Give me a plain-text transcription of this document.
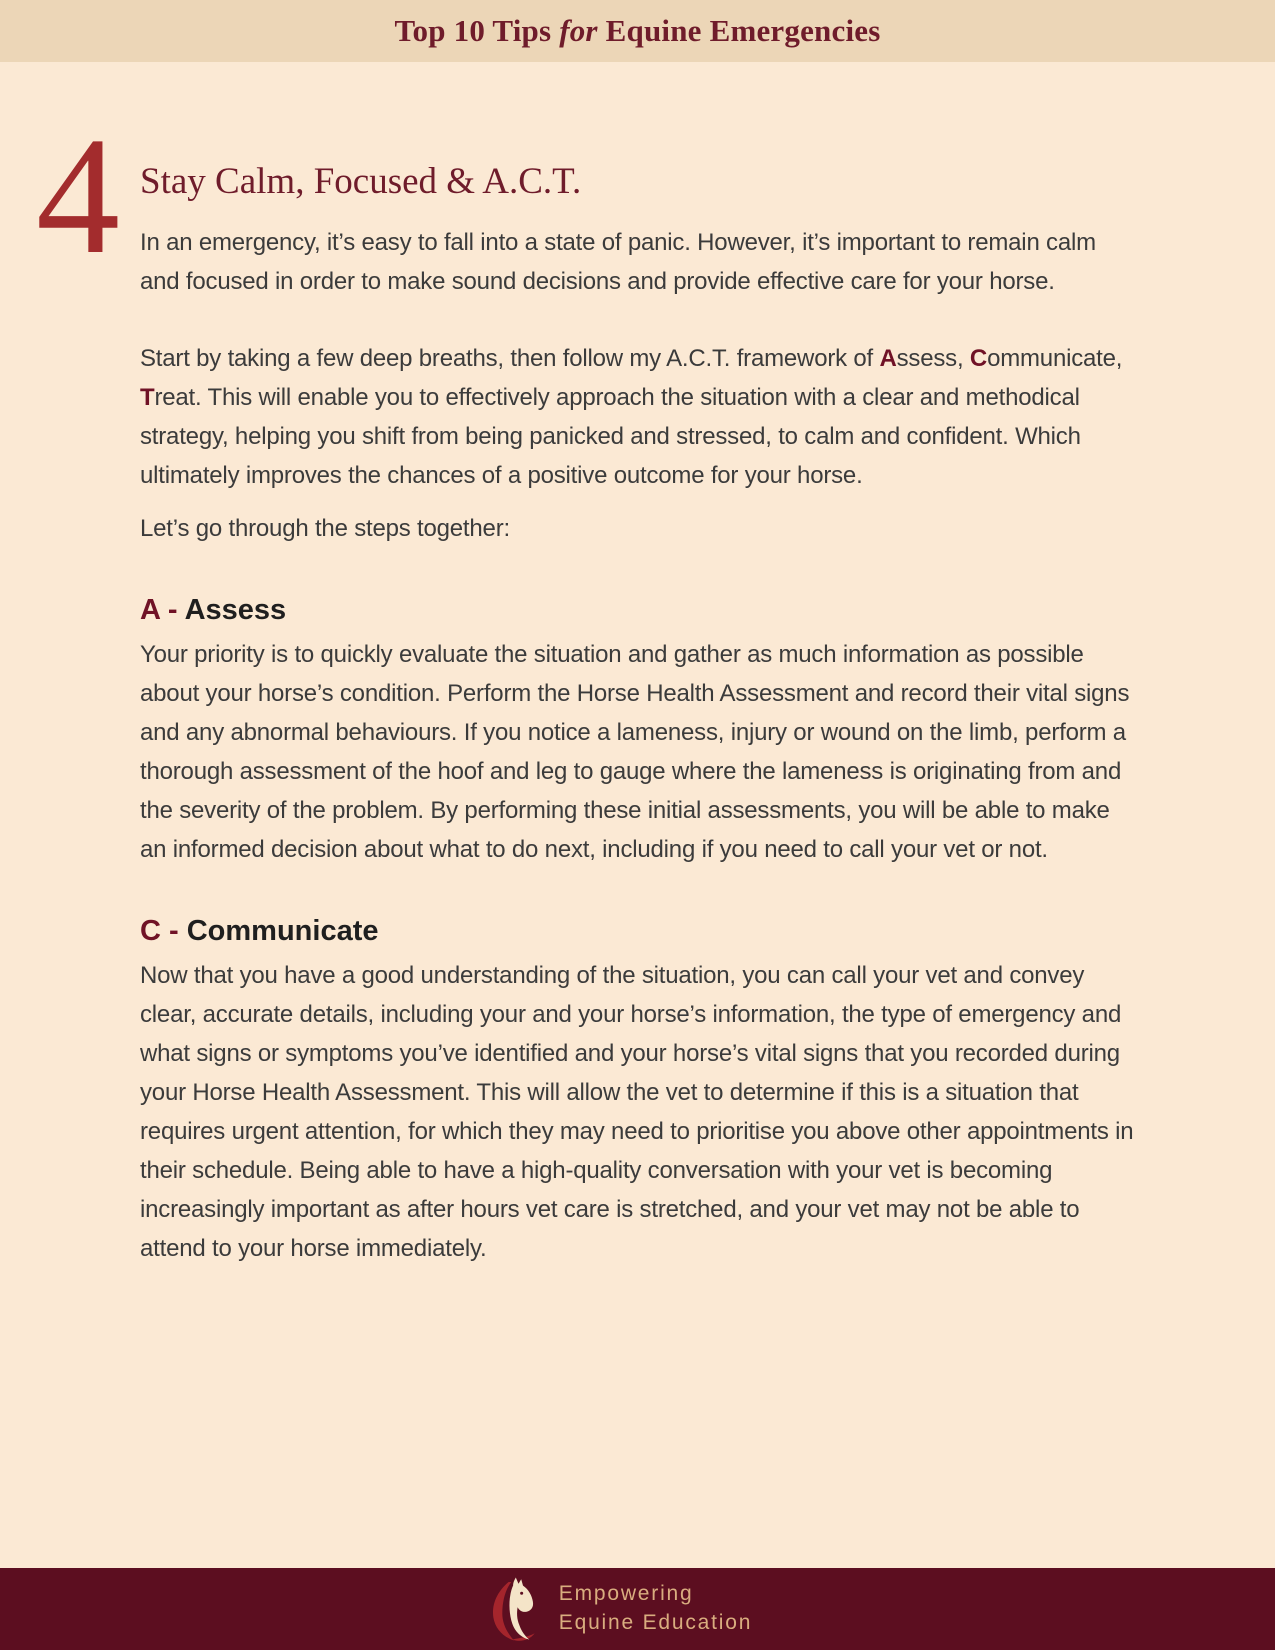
Top 10 Tips for Equine Emergencies
4 Stay Calm, Focused & A.C.T.

In an emergency, it’s easy to fall into a state of panic. However, it’s important to remain calm and focused in order to make sound decisions and provide effective care for your horse.

Start by taking a few deep breaths, then follow my A.C.T. framework of Assess, Communicate, Treat. This will enable you to effectively approach the situation with a clear and methodical strategy, helping you shift from being panicked and stressed, to calm and confident. Which ultimately improves the chances of a positive outcome for your horse.

Let’s go through the steps together:

A - Assess

Your priority is to quickly evaluate the situation and gather as much information as possible about your horse’s condition. Perform the Horse Health Assessment and record their vital signs and any abnormal behaviours. If you notice a lameness, injury or wound on the limb, perform a thorough assessment of the hoof and leg to gauge where the lameness is originating from and the severity of the problem. By performing these initial assessments, you will be able to make an informed decision about what to do next, including if you need to call your vet or not.

C - Communicate

Now that you have a good understanding of the situation, you can call your vet and convey clear, accurate details, including your and your horse’s information, the type of emergency and what signs or symptoms you’ve identified and your horse’s vital signs that you recorded during your Horse Health Assessment. This will allow the vet to determine if this is a situation that requires urgent attention, for which they may need to prioritise you above other appointments in their schedule. Being able to have a high-quality conversation with your vet is becoming increasingly important as after hours vet care is stretched, and your vet may not be able to attend to your horse immediately.

Empowering
Equine Education
